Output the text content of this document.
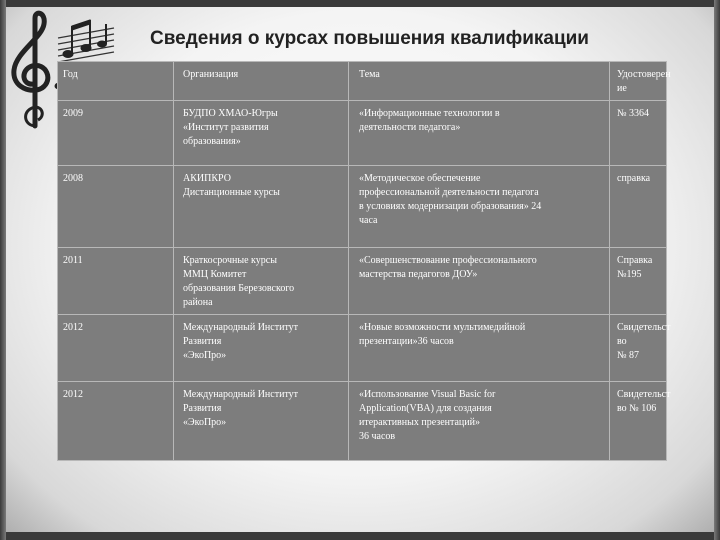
Сведения о курсах повышения квалификации
Год	Организация	Тема	Удостоверен
ие
2009	БУДПО ХМАО-Югры
«Институт развития
образования»	«Информационные технологии в
деятельности педагога»	№ 3364
2008	АКИПКРО
Дистанционные курсы	«Методическое обеспечение
профессиональной деятельности педагога
в условиях модернизации образования» 24
часа	справка
2011	Краткосрочные курсы
ММЦ Комитет
образования Березовского
района	«Совершенствование профессионального
мастерства педагогов ДОУ»	Справка
№195
2012	Международный Институт
Развития
«ЭкоПро»	«Новые возможности мультимедийной
презентации»36 часов	Свидетельст
во
№ 87
2012	Международный Институт
Развития
«ЭкоПро»	«Использование Visual Basic for
Application(VBA) для создания
итерактивных презентаций»
36 часов	Свидетельст
во № 106
